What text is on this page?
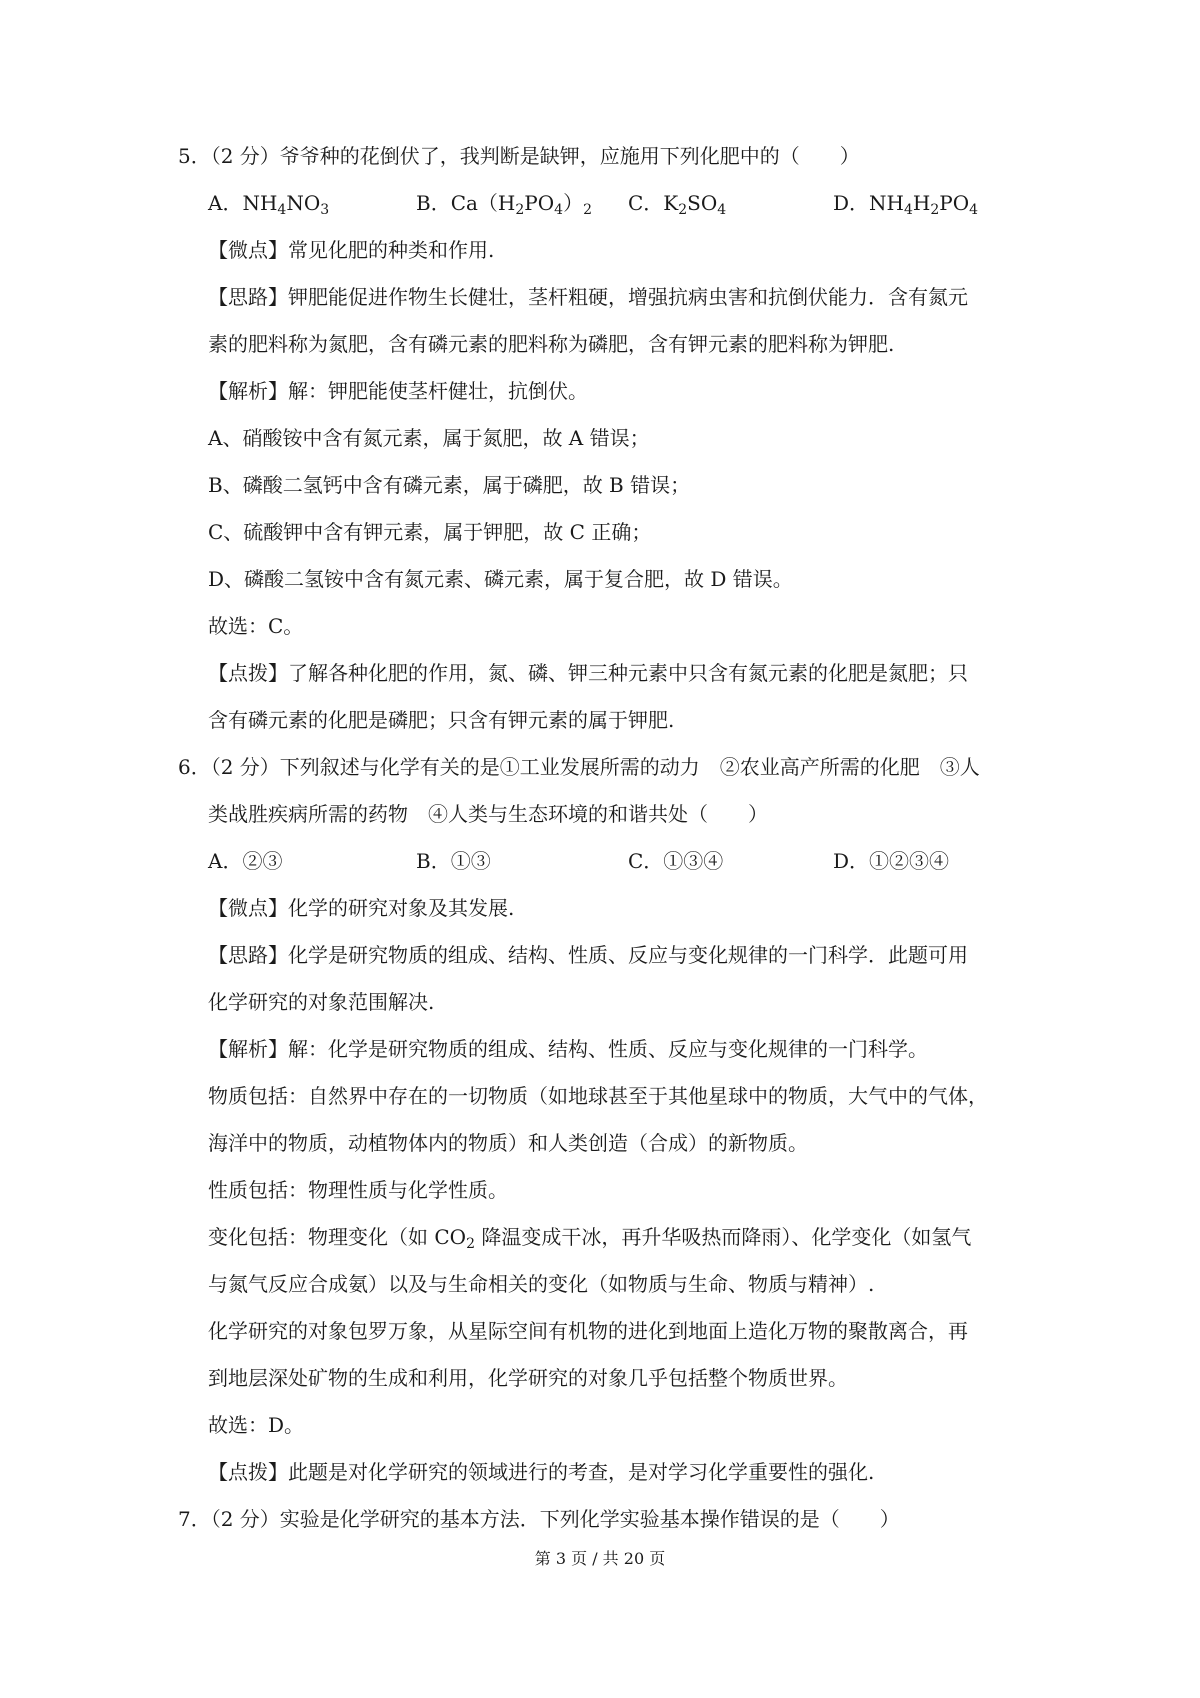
5．（2 分）爷爷种的花倒伏了，我判断是缺钾，应施用下列化肥中的（　　）
A．$NH_4NO_3$	B．$Ca(H_2PO_4)_2$ C．$K_2SO_4$	D．$NH_4H_2PO_4$
【微点】常见化肥的种类和作用.
【思路】钾肥能促进作物生长健壮，茎杆粗硬，增强抗病虫害和抗倒伏能力．含有氮元
素的肥料称为氮肥，含有磷元素的肥料称为磷肥，含有钾元素的肥料称为钾肥.
【解析】解：钾肥能使茎杆健壮，抗倒伏。
A、硝酸铵中含有氮元素，属于氮肥，故 A 错误；
B、磷酸二氢钙中含有磷元素，属于磷肥，故 B 错误；
C、硫酸钾中含有钾元素，属于钾肥，故 C 正确；
D、磷酸二氢铵中含有氮元素、磷元素，属于复合肥，故 D 错误。
故选：C。
【点拨】了解各种化肥的作用，氮、磷、钾三种元素中只含有氮元素的化肥是氮肥；只
含有磷元素的化肥是磷肥；只含有钾元素的属于钾肥.
6．（2 分）下列叙述与化学有关的是①工业发展所需的动力　②农业高产所需的化肥　③人
类战胜疾病所需的药物　④人类与生态环境的和谐共处（　　）
A．②③	B．①③	C．①③④	D．①②③④
【微点】化学的研究对象及其发展.
【思路】化学是研究物质的组成、结构、性质、反应与变化规律的一门科学．此题可用
化学研究的对象范围解决.
【解析】解：化学是研究物质的组成、结构、性质、反应与变化规律的一门科学。
物质包括：自然界中存在的一切物质（如地球甚至于其他星球中的物质，大气中的气体，
海洋中的物质，动植物体内的物质）和人类创造（合成）的新物质。
性质包括：物理性质与化学性质。
变化包括：物理变化（如 $CO_2$ 降温变成干冰，再升华吸热而降雨）、化学变化（如氢气
与氮气反应合成氨）以及与生命相关的变化（如物质与生命、物质与精神）.
化学研究的对象包罗万象，从星际空间有机物的进化到地面上造化万物的聚散离合，再
到地层深处矿物的生成和利用，化学研究的对象几乎包括整个物质世界。
故选：D。
【点拨】此题是对化学研究的领域进行的考查，是对学习化学重要性的强化.
7．（2 分）实验是化学研究的基本方法．下列化学实验基本操作错误的是（　　）
第 3 页 / 共 20 页
